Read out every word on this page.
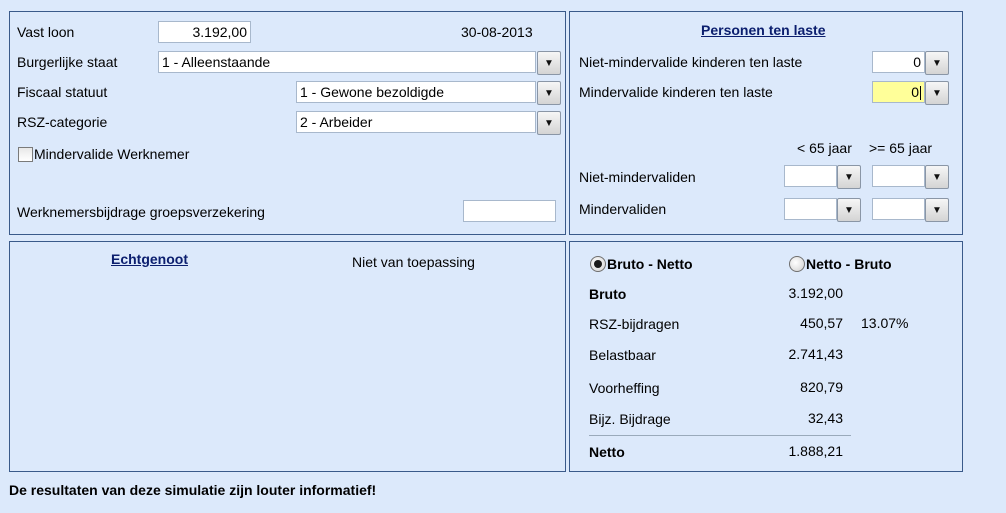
Vast loon	3.192,00	30-08-2013
Burgerlijke staat	1 - Alleenstaande	▼
Fiscaal statuut	1 - Gewone bezoldigde	▼
RSZ-categorie	2 - Arbeider	▼
Mindervalide Werknemer
Werknemersbijdrage groepsverzekering
Personen ten laste
Niet-mindervalide kinderen ten laste	0	▼
Mindervalide kinderen ten laste	0	▼
< 65 jaar >= 65 jaar
Niet-mindervaliden	▼	▼
Mindervaliden	▼	▼
Echtgenoot	Niet van toepassing	Bruto - Netto	Netto - Bruto
Bruto	3.192,00
RSZ-bijdragen	450,57 13.07%
Belastbaar	2.741,43
Voorheffing	820,79
Bijz. Bijdrage	32,43
Netto	1.888,21
De resultaten van deze simulatie zijn louter informatief!
